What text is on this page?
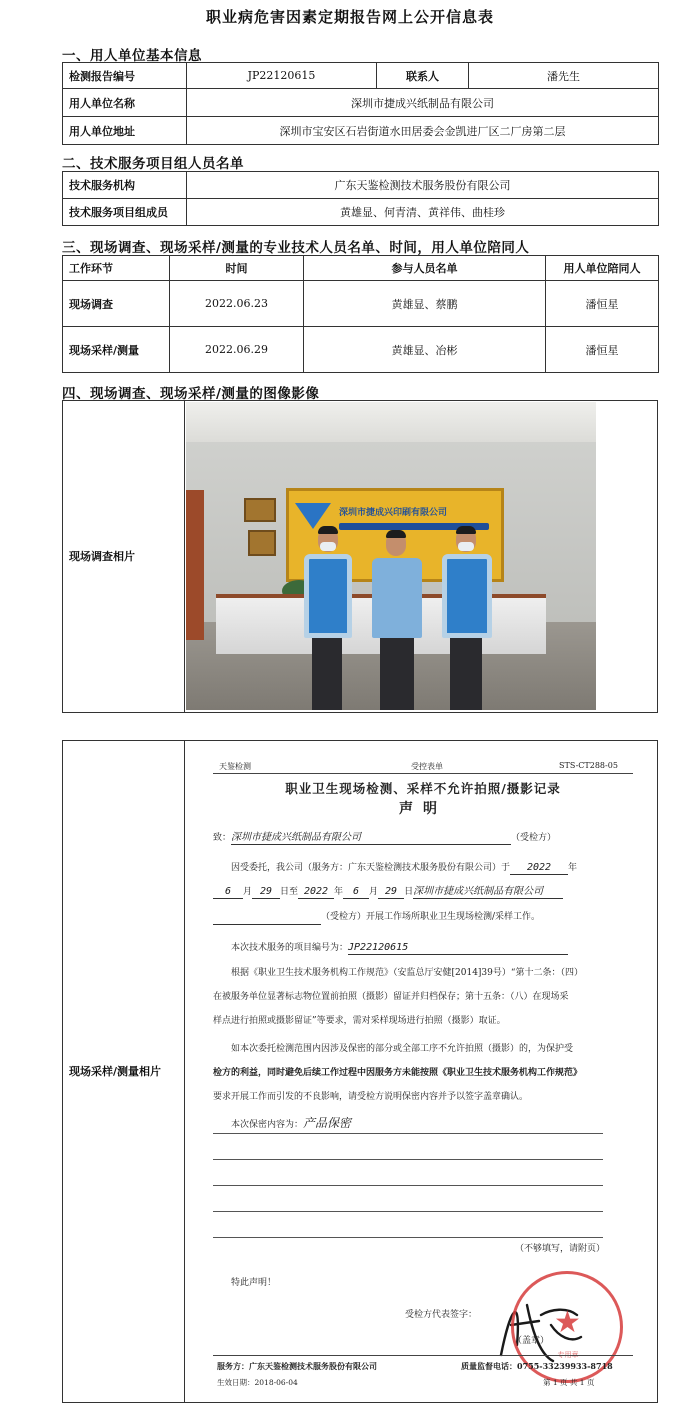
职业病危害因素定期报告网上公开信息表
一、用人单位基本信息
检测报告编号	JP22120615	联系人	潘先生
用人单位名称	深圳市捷成兴纸制品有限公司		
用人单位地址	深圳市宝安区石岩街道水田居委会金凯进厂区二厂房第二层		
二、技术服务项目组人员名单
技术服务机构	广东天鉴检测技术服务股份有限公司
技术服务项目组成员	黄雄显、何青清、黄祥伟、曲桂珍
三、现场调查、现场采样/测量的专业技术人员名单、时间，用人单位陪同人
工作环节	时间	参与人员名单	用人单位陪同人
现场调查	2022.06.23	黄雄显、蔡鹏	潘恒星
现场采样/测量	2022.06.29	黄雄显、冶彬	潘恒星
四、现场调查、现场采样/测量的图像影像
现场调查相片
深圳市捷成兴印刷有限公司
现场采样/测量相片
天鉴检测	受控表单	STS-CT288-05
职业卫生现场检测、采样不允许拍照/摄影记录
声明
致：深圳市捷成兴纸制品有限公司	（受检方）
因受委托，我公司（服务方：广东天鉴检测技术服务股份有限公司）于 2022 年
6 月 29 日至 2022 年 6 月 29 日深圳市捷成兴纸制品有限公司
（受检方）开展工作场所职业卫生现场检测/采样工作。
本次技术服务的项目编号为：JP22120615
根据《职业卫生技术服务机构工作规范》（安监总厅安健[2014]39号）“第十二条：（四）
在被服务单位显著标志物位置前拍照（摄影）留证并归档保存；第十五条：（八）在现场采
样点进行拍照或摄影留证”等要求，需对采样现场进行拍照（摄影）取证。
如本次委托检测范围内因涉及保密的部分或全部工序不允许拍照（摄影）的，为保护受
检方的利益，同时避免后续工作过程中因服务方未能按照《职业卫生技术服务机构工作规范》
要求开展工作而引发的不良影响，请受检方说明保密内容并予以签字盖章确认。
本次保密内容为：产品保密
（不够填写，请附页）
特此声明！
受检方代表签字：	★
专用章
（盖章）
服务方：广东天鉴检测技术服务股份有限公司	质量监督电话：0755-33239933-8718
生效日期：2018-06-04	第 1 页 共 1 页
